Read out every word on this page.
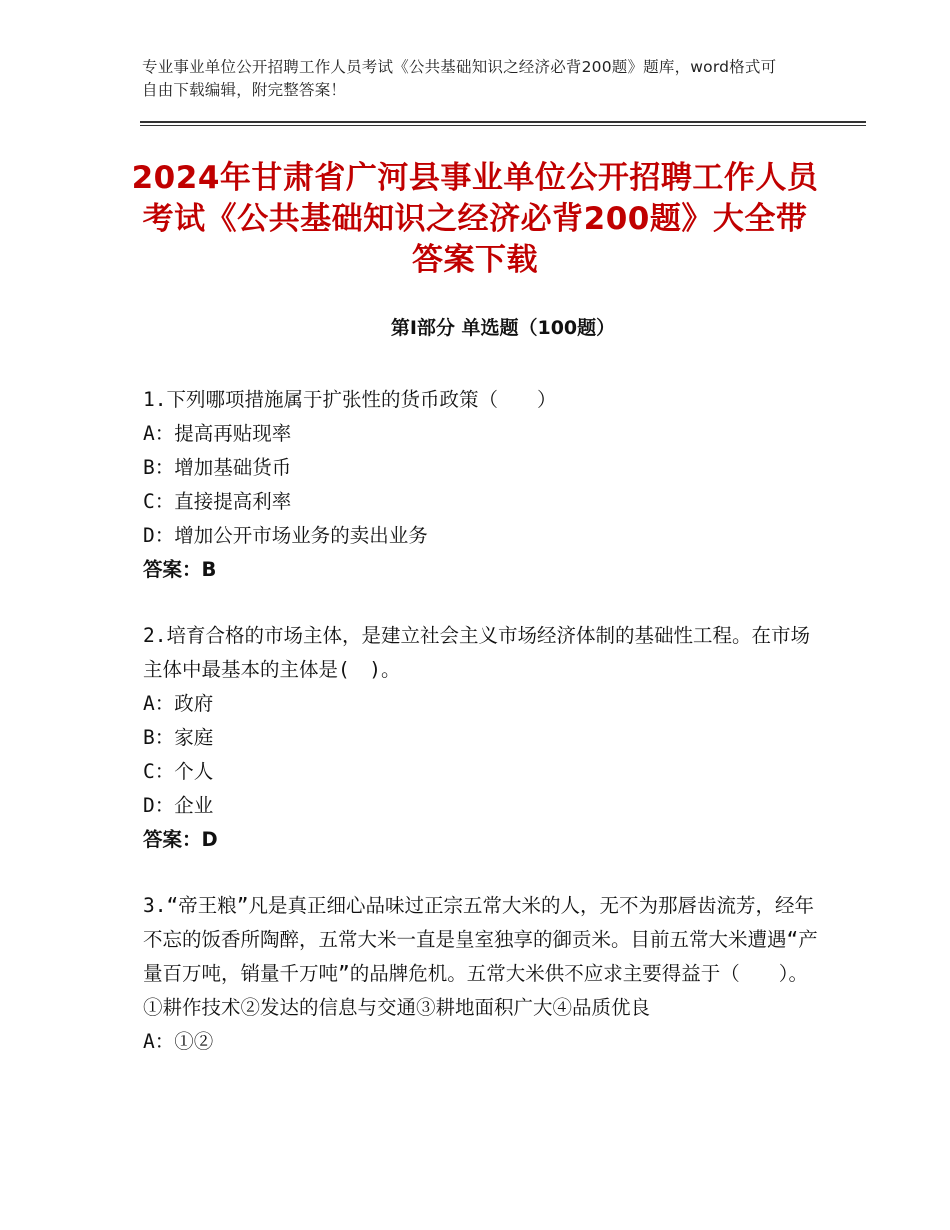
专业事业单位公开招聘工作人员考试《公共基础知识之经济必背200题》题库，word格式可自由下载编辑，附完整答案！
2024年甘肃省广河县事业单位公开招聘工作人员考试《公共基础知识之经济必背200题》大全带答案下载
第Ⅰ部分 单选题（100题）

1.下列哪项措施属于扩张性的货币政策（　　）

A：提高再贴现率

B：增加基础货币

C：直接提高利率

D：增加公开市场业务的卖出业务

答案：B

2.培育合格的市场主体，是建立社会主义市场经济体制的基础性工程。在市场主体中最基本的主体是(　)。

A：政府

B：家庭

C：个人

D：企业

答案：D

3.“帝王粮”凡是真正细心品味过正宗五常大米的人，无不为那唇齿流芳，经年不忘的饭香所陶醉，五常大米一直是皇室独享的御贡米。目前五常大米遭遇“产量百万吨，销量千万吨”的品牌危机。五常大米供不应求主要得益于（　　）。①耕作技术②发达的信息与交通③耕地面积广大④品质优良

A：①②
